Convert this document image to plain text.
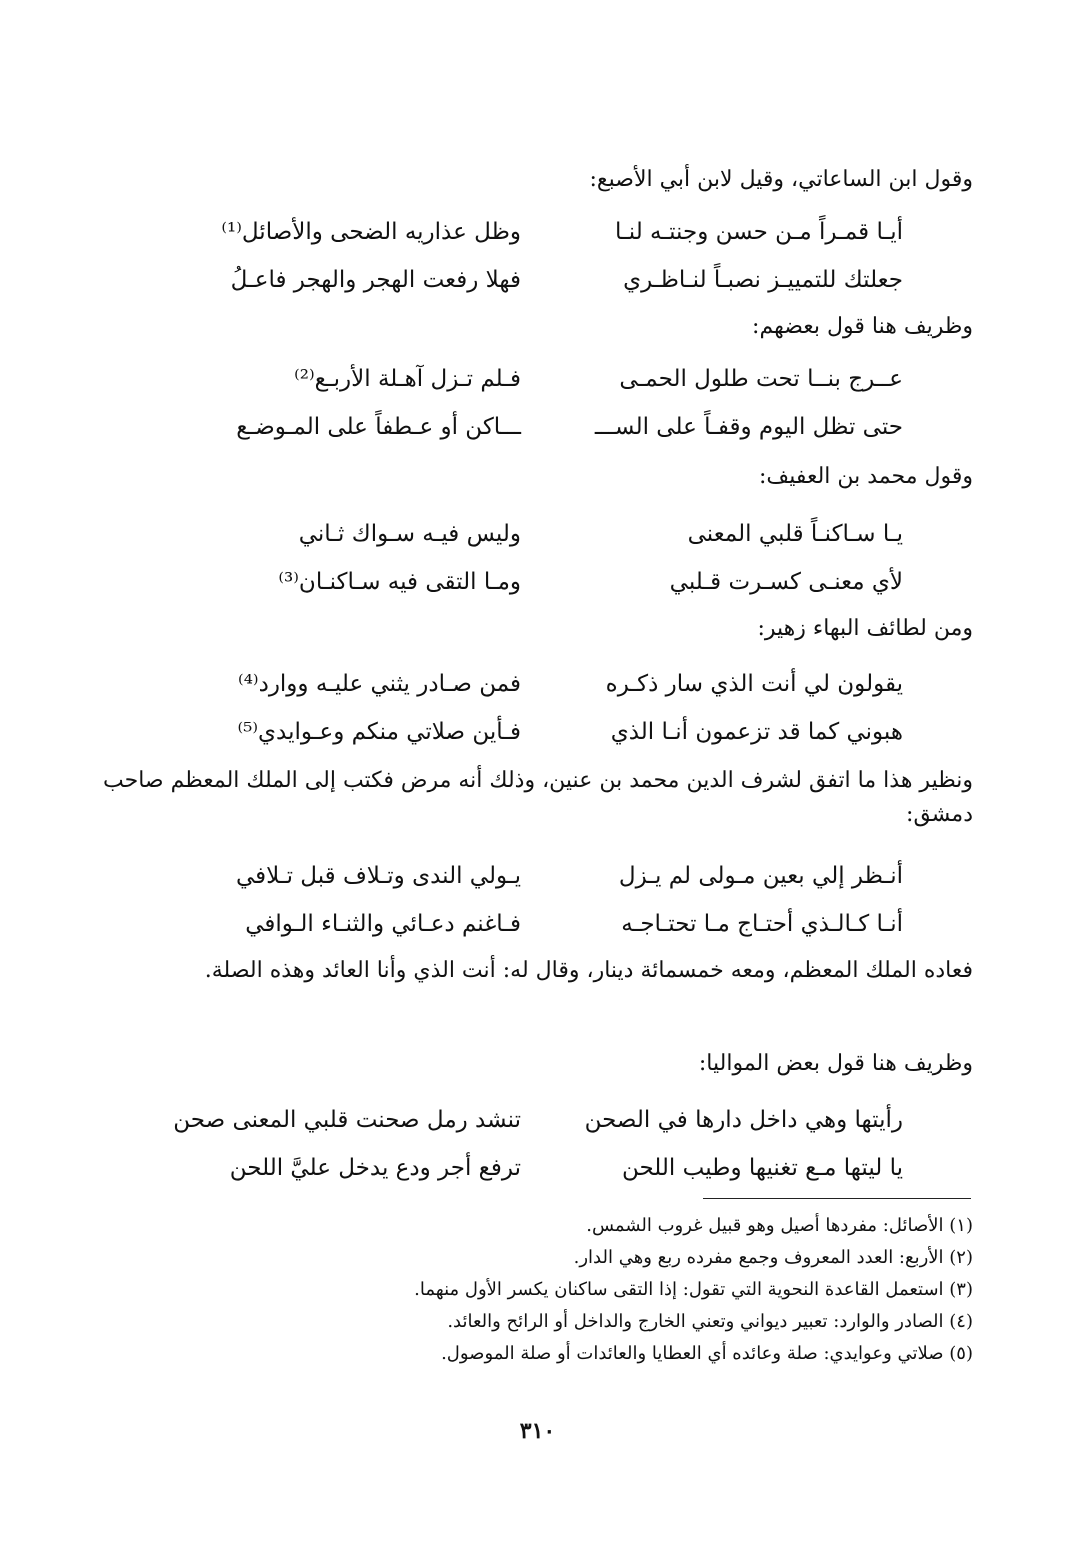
وقول ابن الساعاتي، وقيل لابن أبي الأصبع:
أيـا قمـراً مـن حسن وجنتـه لنـا
وظل عذاريه الضحى والأصائل⁽¹⁾
جعلتك للتمييـز نصبـاً لنـاظـري
فهلا رفعت الهجر والهجر فاعـلُ
وظريف هنا قول بعضهم:
عــرج بنــا تحت طلول الحمـى
فـلم تـزل آهـلة الأربـع⁽²⁾
حتى تظل اليوم وقفـاً على الســـ
ـــاكن أو عـطفاً على المـوضـع
وقول محمد بن العفيف:
يـا سـاكنـاً قلبي المعنى
وليس فيـه سـواك ثـاني
لأي معنـى كسـرت قـلبي
ومـا التقى فيه سـاكنـان⁽³⁾
ومن لطائف البهاء زهير:
يقولون لي أنت الذي سار ذكـره
فمن صـادر يثني عليـه ووارد⁽⁴⁾
هبوني كما قد تزعمون أنـا الذي
فـأين صلاتي منكم وعـوايدي⁽⁵⁾
ونظير هذا ما اتفق لشرف الدين محمد بن عنين، وذلك أنه مرض فكتب إلى الملك المعظم صاحب دمشق:
أنـظر إلي بعين مـولى لم يـزل
يـولي الندى وتـلاف قبل تـلافي
أنـا كـالـذي أحتـاج مـا تحتـاجـه
فـاغنم دعـائي والثنـاء الـوافي
فعاده الملك المعظم، ومعه خمسمائة دينار، وقال له: أنت الذي وأنا العائد وهذه الصلة.
وظريف هنا قول بعض المواليا:
رأيتها وهي داخل دارها في الصحن
تنشد رمل صحنت قلبي المعنى صحن
يا ليتها مـع تغنيها وطيب اللحن
ترفع أجر ودع يدخل عليَّ اللحن
(١) الأصائل: مفردها أصيل وهو قبيل غروب الشمس.
(٢) الأربع: العدد المعروف وجمع مفرده ربع وهي الدار.
(٣) استعمل القاعدة النحوية التي تقول: إذا التقى ساكنان يكسر الأول منهما.
(٤) الصادر والوارد: تعبير ديواني وتعني الخارج والداخل أو الرائح والعائد.
(٥) صلاتي وعوايدي: صلة وعائده أي العطايا والعائدات أو صلة الموصول.
٣١٠
